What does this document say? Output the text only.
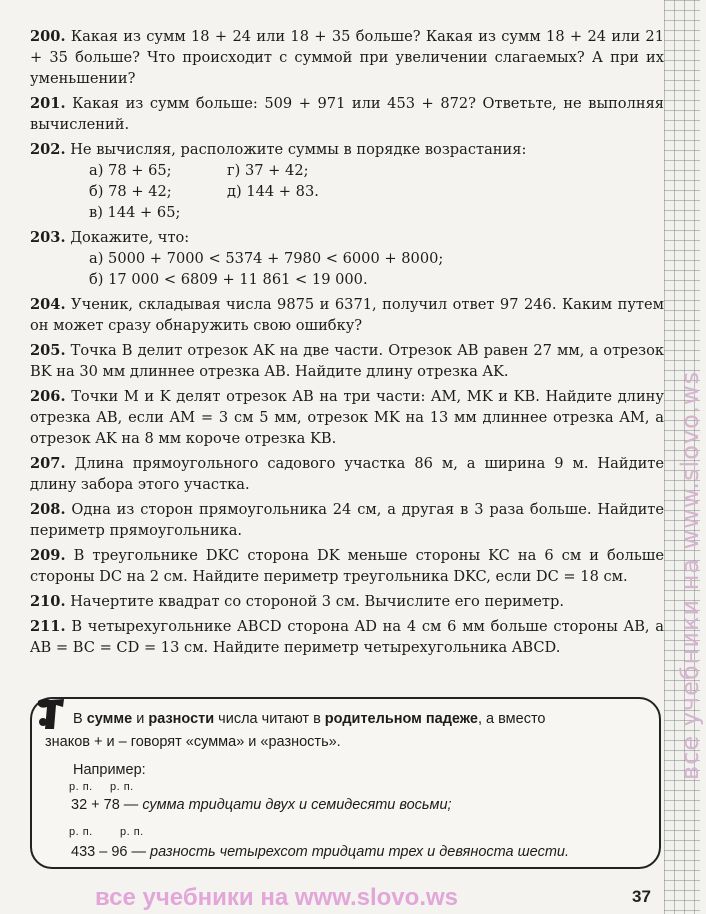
все учебники на www.slovo.ws

200. Какая из сумм 18 + 24 или 18 + 35 больше? Какая из сумм 18 + 24 или 21 + 35 больше? Что происходит с суммой при увеличении слагаемых? А при их уменьшении?

201. Какая из сумм больше: 509 + 971 или 453 + 872? Ответьте, не выполняя вычислений.

202. Не вычисляя, расположите суммы в порядке возрастания:
а) 78 + 65;	г) 37 + 42;
б) 78 + 42;	д) 144 + 83.
в) 144 + 65;
203. Докажите, что:
а) 5000 + 7000 < 5374 + 7980 < 6000 + 8000;
б) 17 000 < 6809 + 11 861 < 19 000.

204. Ученик, складывая числа 9875 и 6371, получил ответ 97 246. Каким путем он может сразу обнаружить свою ошибку?

205. Точка B делит отрезок AK на две части. Отрезок AB равен 27 мм, а отрезок BK на 30 мм длиннее отрезка AB. Найдите длину отрезка AK.

206. Точки M и K делят отрезок AB на три части: AM, MK и KB. Найдите длину отрезка AB, если AM = 3 см 5 мм, отрезок MK на 13 мм длиннее отрезка AM, а отрезок AK на 8 мм короче отрезка KB.

207. Длина прямоугольного садового участка 86 м, а ширина 9 м. Найдите длину забора этого участка.

208. Одна из сторон прямоугольника 24 см, а другая в 3 раза больше. Найдите периметр прямоугольника.

209. В треугольнике DKC сторона DK меньше стороны KC на 6 см и больше стороны DC на 2 см. Найдите периметр треугольника DKC, если DC = 18 см.

210. Начертите квадрат со стороной 3 см. Вычислите его периметр.

211. В четырехугольнике ABCD сторона AD на 4 см 6 мм больше стороны AB, а AB = BC = CD = 13 см. Найдите периметр четырехугольника ABCD.

В сумме и разности числа читают в родительном падеже, а вместо
знаков + и – говорят «сумма» и «разность».
Например:
р. п. р. п.
32 + 78 — сумма тридцати двух и семидесяти восьми;
р. п. р. п.
433 – 96 — разность четырехсот тридцати трех и девяноста шести.
все учебники на www.slovo.ws	37
